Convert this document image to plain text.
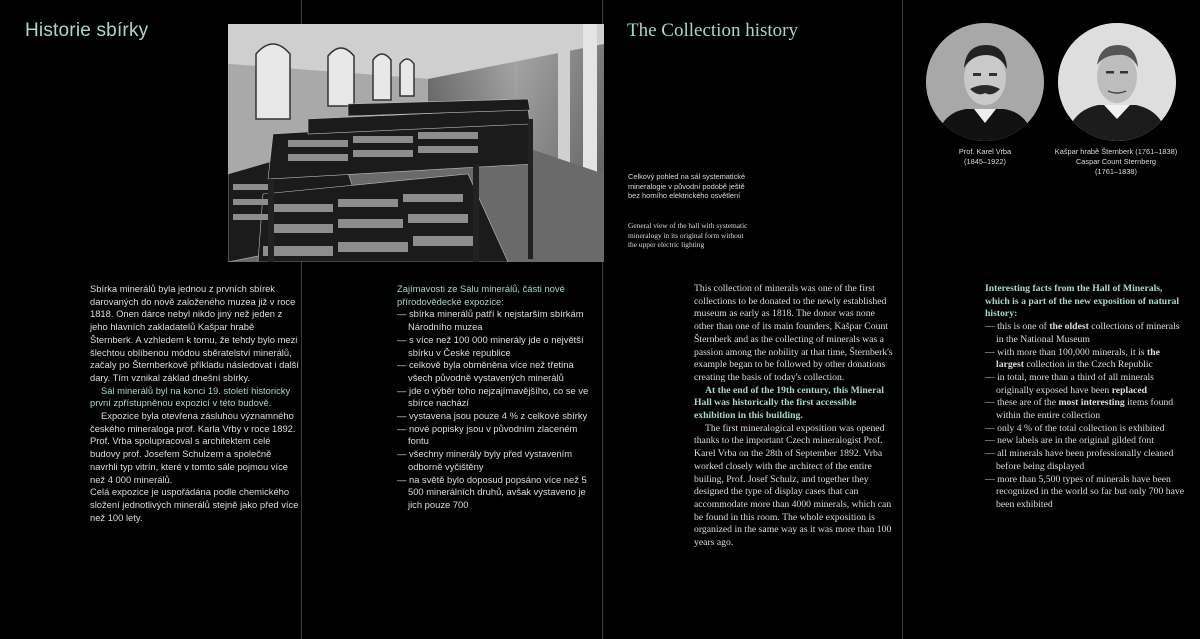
Historie sbírky	The Collection history
Celkový pohled na sál systematické mineralogie v původní podobě ještě bez horního elektrického osvětlení
General view of the hall with systematic mineralogy in its original form without the upper electric lighting
Prof. Karel Vrba
(1845–1922)
Kašpar hrabě Šternberk (1761–1838)
Caspar Count Sternberg
(1761–1838)

Sbírka minerálů byla jednou z prvních sbírek darovaných do nově založeného muzea již v roce 1818. Onen dárce nebyl nikdo jiný než jeden z jeho hlavních zakladatelů Kašpar hrabě Šternberk. A vzhledem k tomu, že tehdy bylo mezi šlechtou oblíbenou módou sběratelství minerálů, začaly po Šternberkově příkladu následovat i další dary. Tím vznikal základ dnešní sbírky.

Sál minerálů byl na konci 19. století historicky první zpřístupněnou expozicí v této budově.

Expozice byla otevřena zásluhou významného českého mineraloga prof. Karla Vrby v roce 1892. Prof. Vrba spolupracoval s architektem celé budovy prof. Josefem Schulzem a společně navrhli typ vitrín, které v tomto sále pojmou více než 4 000 minerálů.

Celá expozice je uspořádána podle chemického složení jednotlivých minerálů stejně jako před více než 100 lety.

Zajímavosti ze Sálu minerálů, části nové přírodovědecké expozice:

— sbírka minerálů patří k nejstarším sbírkám Národního muzea
— s více než 100 000 minerály jde o největší sbírku v České republice
— celkově byla obměněna více než třetina všech původně vystavených minerálů
— jde o výběr toho nejzajímavějšího, co se ve sbírce nachází
— vystavena jsou pouze 4 % z celkové sbírky
— nové popisky jsou v původním zlaceném fontu
— všechny minerály byly před vystavením odborně vyčištěny
— na světě bylo doposud popsáno více než 5 500 minerálních druhů, avšak vystaveno je jich pouze 700

This collection of minerals was one of the first collections to be donated to the newly established museum as early as 1818. The donor was none other than one of its main founders, Kašpar Count Šternberk and as the collecting of minerals was a passion among the nobility at that time, Šternberk's example began to be followed by other donations creating the basis of today's collection.

At the end of the 19th century, this Mineral Hall was historically the first accessible exhibition in this building.

The first mineralogical exposition was opened thanks to the important Czech mineralogist Prof. Karel Vrba on the 28th of September 1892. Vrba worked closely with the architect of the entire builing, Prof. Josef Schulz, and together they designed the type of display cases that can accommodate more than 4000 minerals, which can be found in this room. The whole exposition is organized in the same way as it was more than 100 years ago.

Interesting facts from the Hall of Minerals, which is a part of the new exposition of natural history:

— this is one of the oldest collections of minerals in the National Museum
— with more than 100,000 minerals, it is the largest collection in the Czech Republic
— in total, more than a third of all minerals originally exposed have been replaced
— these are of the most interesting items found within the entire collection
— only 4 % of the total collection is exhibited
— new labels are in the original gilded font
— all minerals have been professionally cleaned before being displayed
— more than 5,500 types of minerals have been recognized in the world so far but only 700 have been exhibited
